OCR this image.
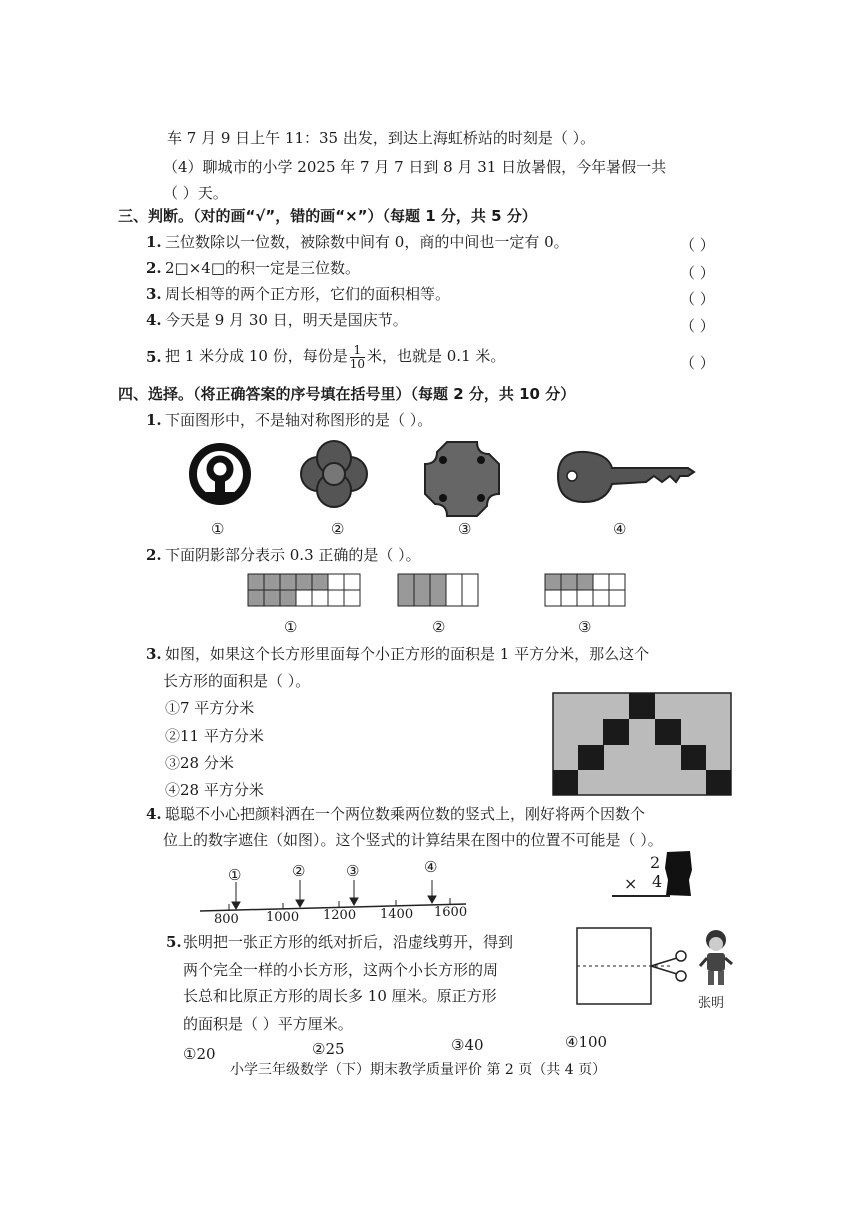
车 7 月 9 日上午 11：35 出发，到达上海虹桥站的时刻是（ ）。
（4）聊城市的小学 2025 年 7 月 7 日到 8 月 31 日放暑假，今年暑假一共
（ ）天。
三、判断。（对的画“√”，错的画“×”）（每题 1 分，共 5 分）
1. 三位数除以一位数，被除数中间有 0，商的中间也一定有 0。	（ ）
2. 2□×4□的积一定是三位数。	（ ）
3. 周长相等的两个正方形，它们的面积相等。	（ ）
4. 今天是 9 月 30 日，明天是国庆节。	（ ）
5. 把 1 米分成 10 份，每份是 $\frac{1}{10}$ 米，也就是 0.1 米。	（ ）
四、选择。（将正确答案的序号填在括号里）（每题 2 分，共 10 分）
1. 下面图形中，不是轴对称图形的是（ ）。
①	②	③	④
2. 下面阴影部分表示 0.3 正确的是（ ）。
①	②	③
3. 如图，如果这个长方形里面每个小正方形的面积是 1 平方分米，那么这个
长方形的面积是（ ）。
①7 平方分米
②11 平方分米
③28 分米
④28 平方分米
4. 聪聪不小心把颜料洒在一个两位数乘两位数的竖式上，刚好将两个因数个
位上的数字遮住（如图）。这个竖式的计算结果在图中的位置不可能是（ ）。
①	②	③	④
800 1000 1200 1400 1600
2
4
×
5. 张明把一张正方形的纸对折后，沿虚线剪开，得到
两个完全一样的小长方形，这两个小长方形的周
长总和比原正方形的周长多 10 厘米。原正方形
的面积是（ ）平方厘米。
张明
①20	②25	③40	④100
小学三年级数学（下）期末教学质量评价 第 2 页（共 4 页）
